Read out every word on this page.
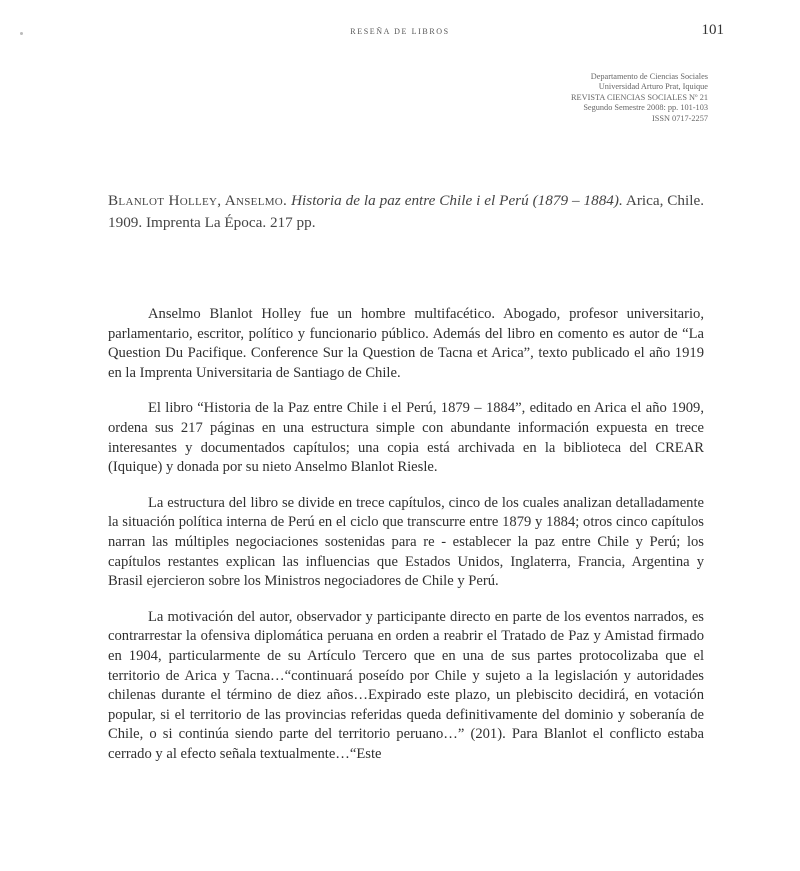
RESEÑA DE LIBROS	101
Departamento de Ciencias Sociales
Universidad Arturo Prat, Iquique
REVISTA CIENCIAS SOCIALES Nº 21
Segundo Semestre 2008: pp. 101-103
ISSN 0717-2257
Blanlot Holley, Anselmo. Historia de la paz entre Chile i el Perú (1879 – 1884). Arica, Chile. 1909. Imprenta La Época. 217 pp.

Anselmo Blanlot Holley fue un hombre multifacético. Abogado, profesor universitario, parlamentario, escritor, político y funcionario público. Además del libro en comento es autor de “La Question Du Pacifique. Conference Sur la Question de Tacna et Arica”, texto publicado el año 1919 en la Imprenta Universitaria de Santiago de Chile.

El libro “Historia de la Paz entre Chile i el Perú, 1879 – 1884”, editado en Arica el año 1909, ordena sus 217 páginas en una estructura simple con abundante información expuesta en trece interesantes y documentados capítulos; una copia está archivada en la biblioteca del CREAR (Iquique) y donada por su nieto Anselmo Blanlot Riesle.

La estructura del libro se divide en trece capítulos, cinco de los cuales analizan detalladamente la situación política interna de Perú en el ciclo que transcurre entre 1879 y 1884; otros cinco capítulos narran las múltiples negociaciones sostenidas para re - establecer la paz entre Chile y Perú; los capítulos restantes explican las influencias que Estados Unidos, Inglaterra, Francia, Argentina y Brasil ejercieron sobre los Ministros negociadores de Chile y Perú.

La motivación del autor, observador y participante directo en parte de los eventos narrados, es contrarrestar la ofensiva diplomática peruana en orden a reabrir el Tratado de Paz y Amistad firmado en 1904, particularmente de su Artículo Tercero que en una de sus partes protocolizaba que el territorio de Arica y Tacna…“continuará poseído por Chile y sujeto a la legislación y autoridades chilenas durante el término de diez años…Expirado este plazo, un plebiscito decidirá, en votación popular, si el territorio de las provincias referidas queda definitivamente del dominio y soberanía de Chile, o si continúa siendo parte del territorio peruano…” (201). Para Blanlot el conflicto estaba cerrado y al efecto señala textualmente…“Este
